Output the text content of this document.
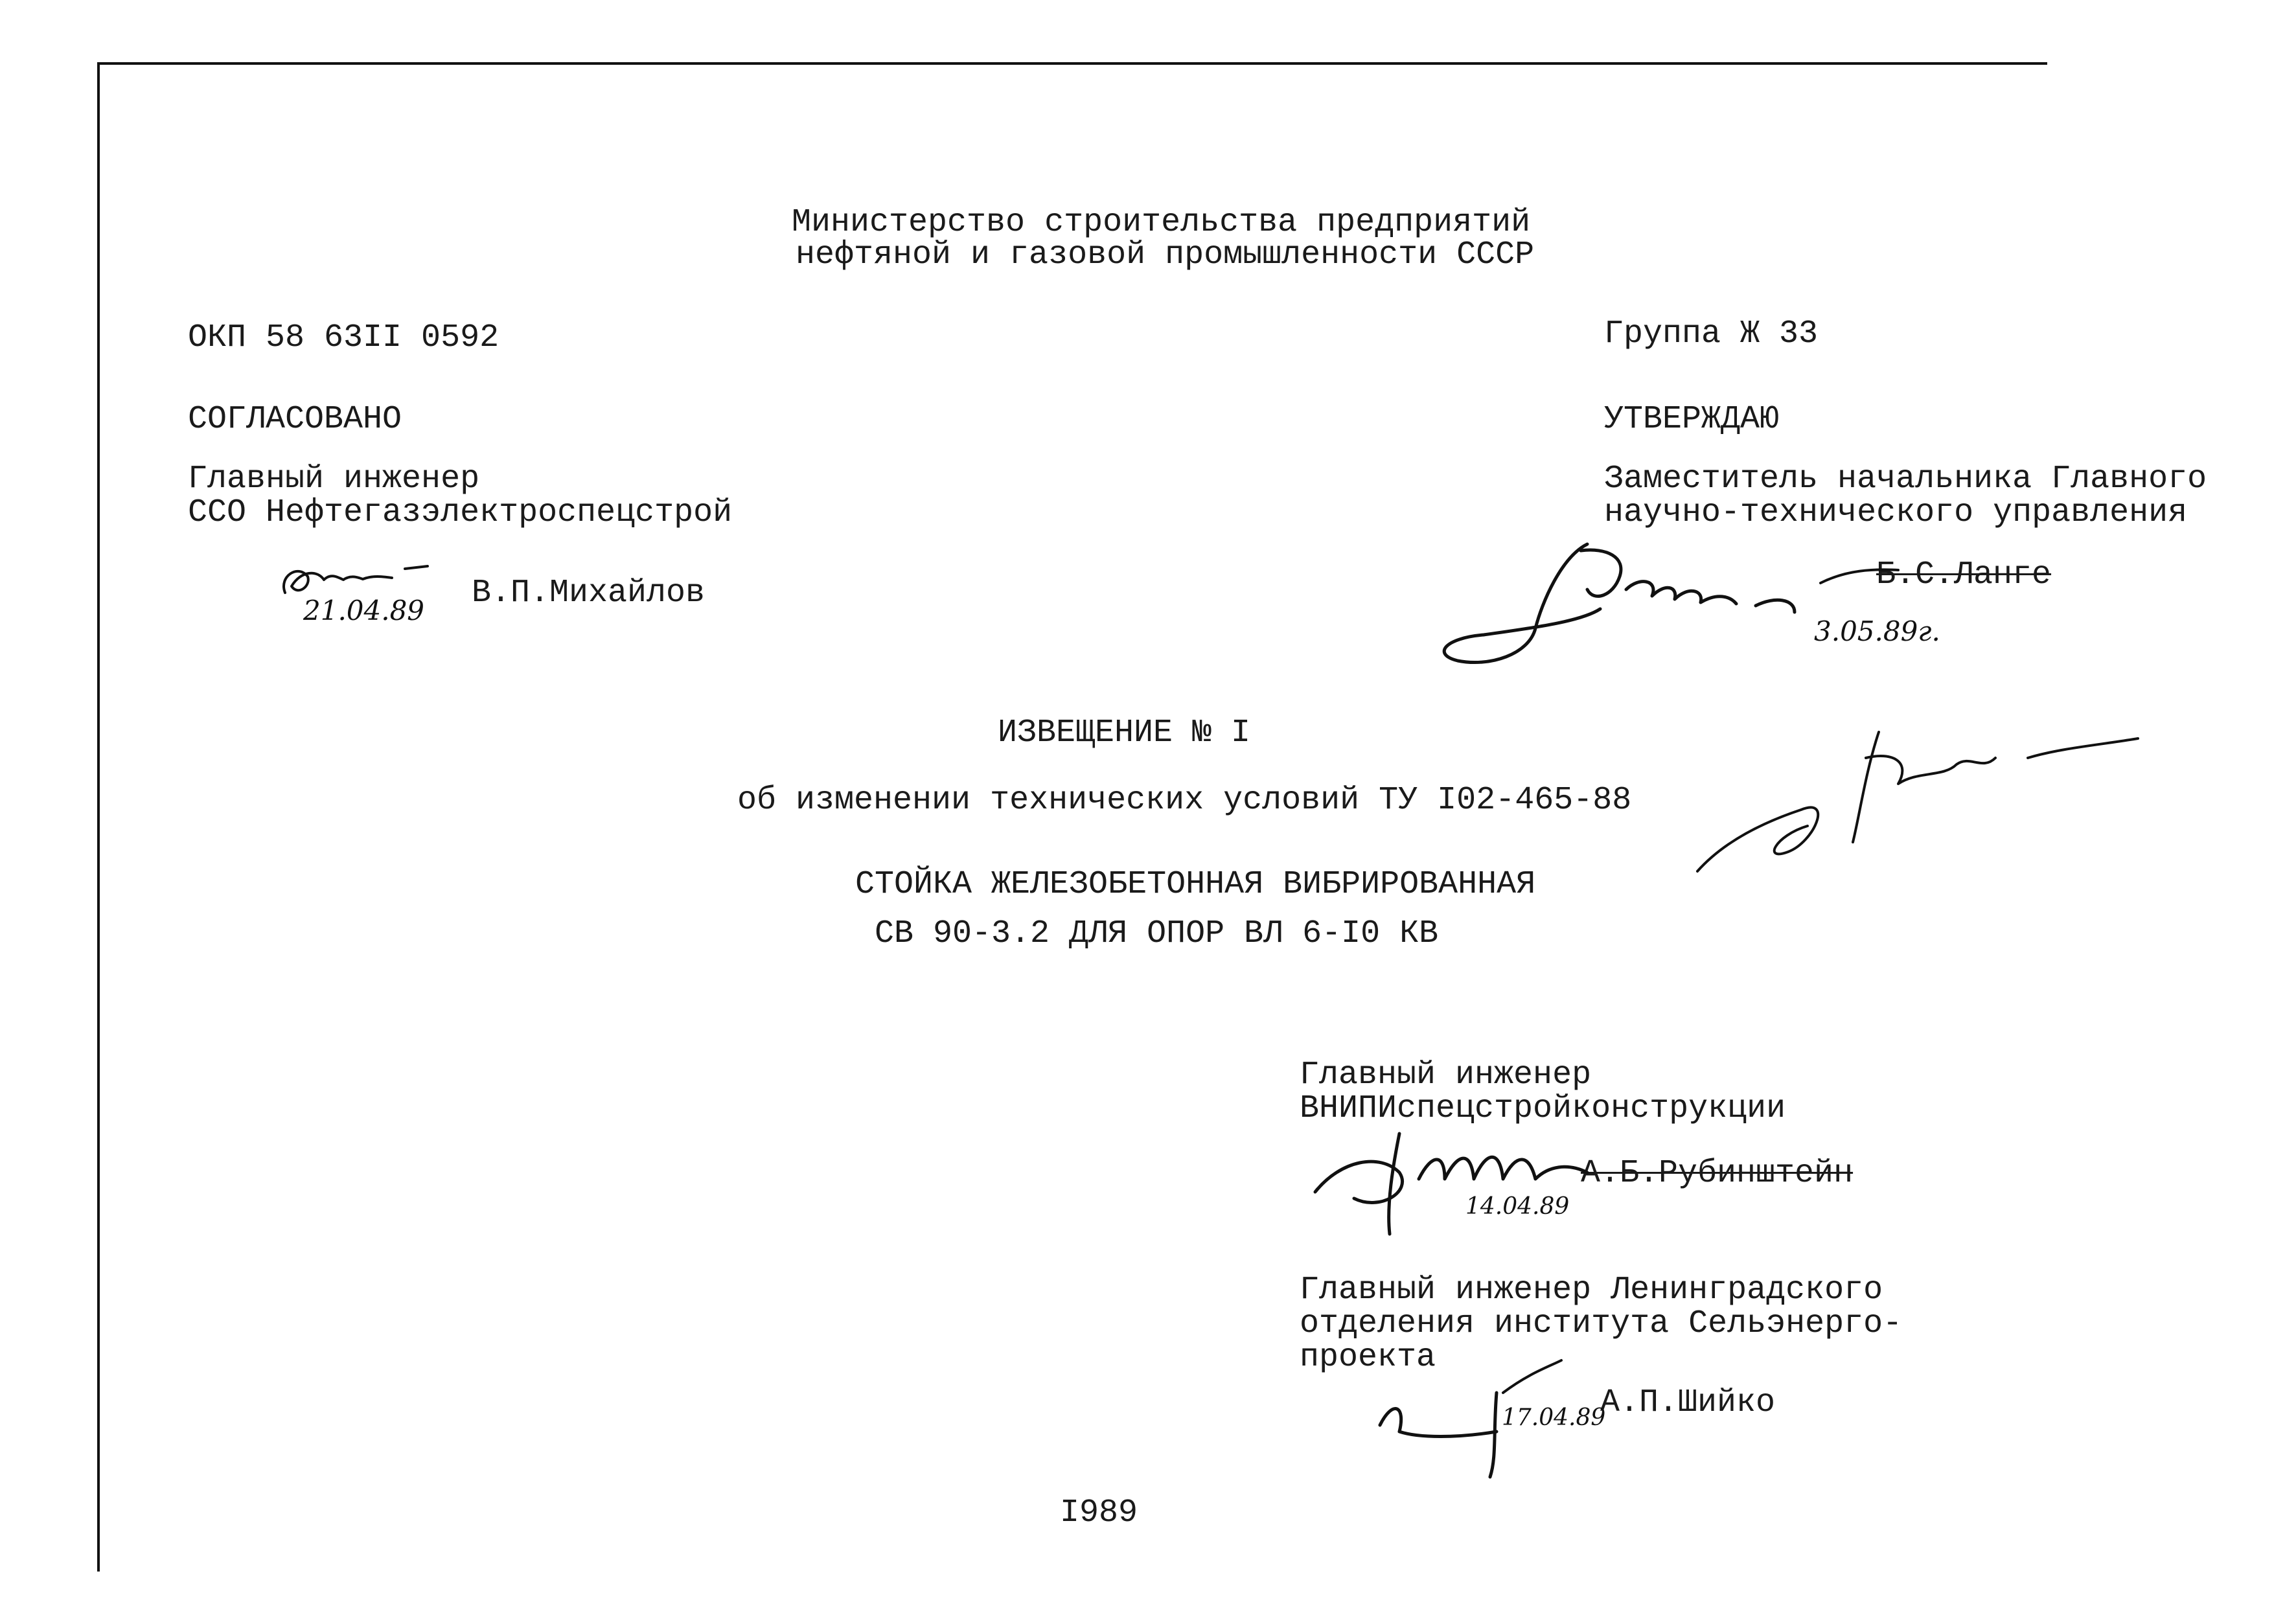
Министерство строительства предприятий
нефтяной и газовой промышленности СССР
ОКП 58 63II 0592	Группа Ж 33
СОГЛАСОВАНО
Главный инженер
ССО Нефтегазэлектроспецстрой
В.П.Михайлов
21.04.89
УТВЕРЖДАЮ
Заместитель начальника Главного
научно-технического управления
Б.С.Ланге
3.05.89г.
ИЗВЕЩЕНИЕ № I
об изменении технических условий ТУ I02-465-88
СТОЙКА ЖЕЛЕЗОБЕТОННАЯ ВИБРИРОВАННАЯ
СВ 90-3.2 ДЛЯ ОПОР ВЛ 6-I0 КВ
Главный инженер
ВНИПИспецстройконструкции
А.Б.Рубинштейн
14.04.89
Главный инженер Ленинградского
отделения института Сельэнерго-
проекта
А.П.Шийко
17.04.89
I989
